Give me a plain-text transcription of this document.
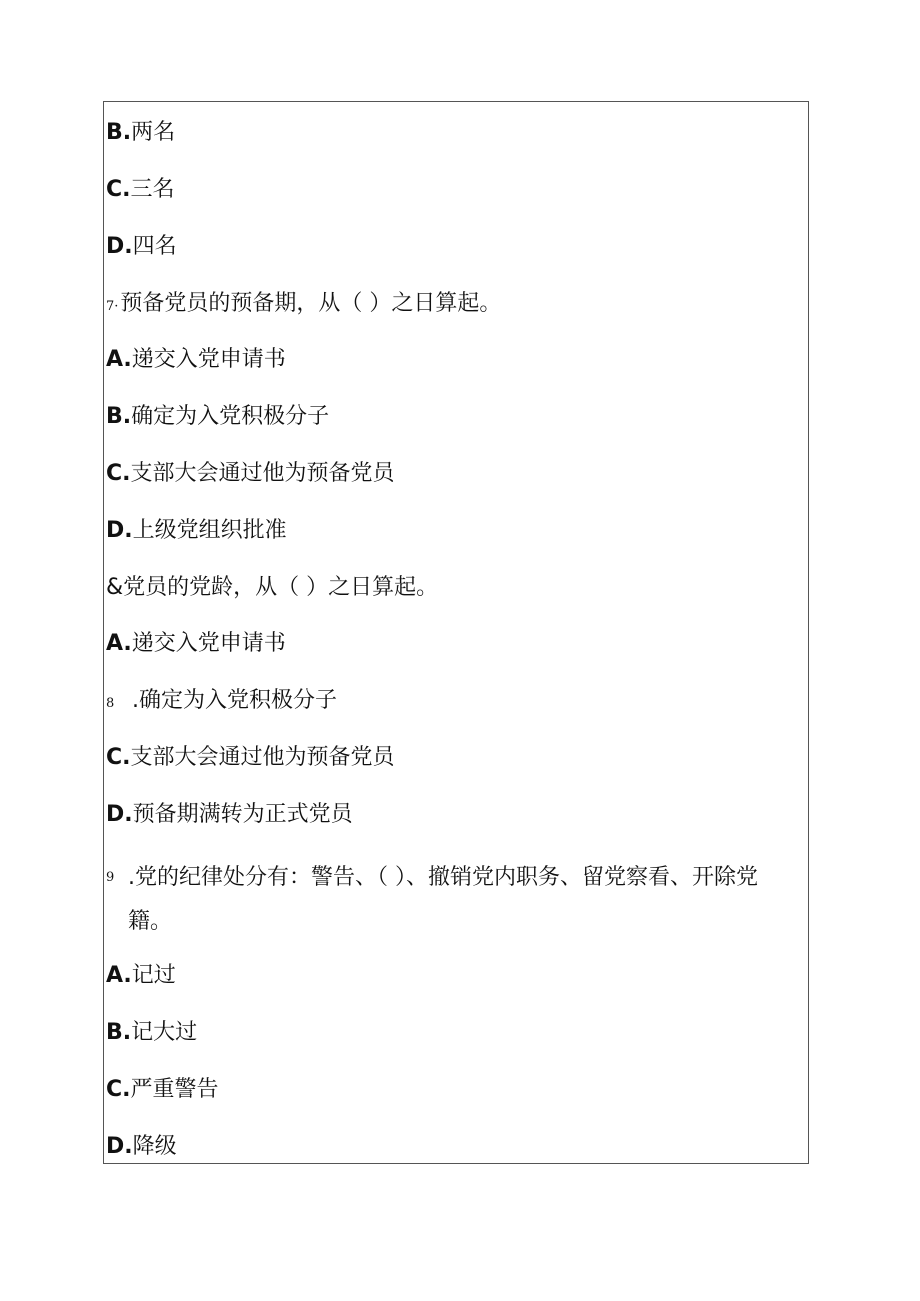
B.两名
C.三名
D.四名
7·预备党员的预备期，从（ ）之日算起。
A.递交入党申请书
B.确定为入党积极分子
C.支部大会通过他为预备党员
D.上级党组织批准
&党员的党龄，从（ ）之日算起。
A.递交入党申请书
8 .确定为入党积极分子
C.支部大会通过他为预备党员
D.预备期满转为正式党员
9 .党的纪律处分有：警告、（ ）、撤销党内职务、留党察看、开除党
籍。
A.记过
B.记大过
C.严重警告
D.降级
